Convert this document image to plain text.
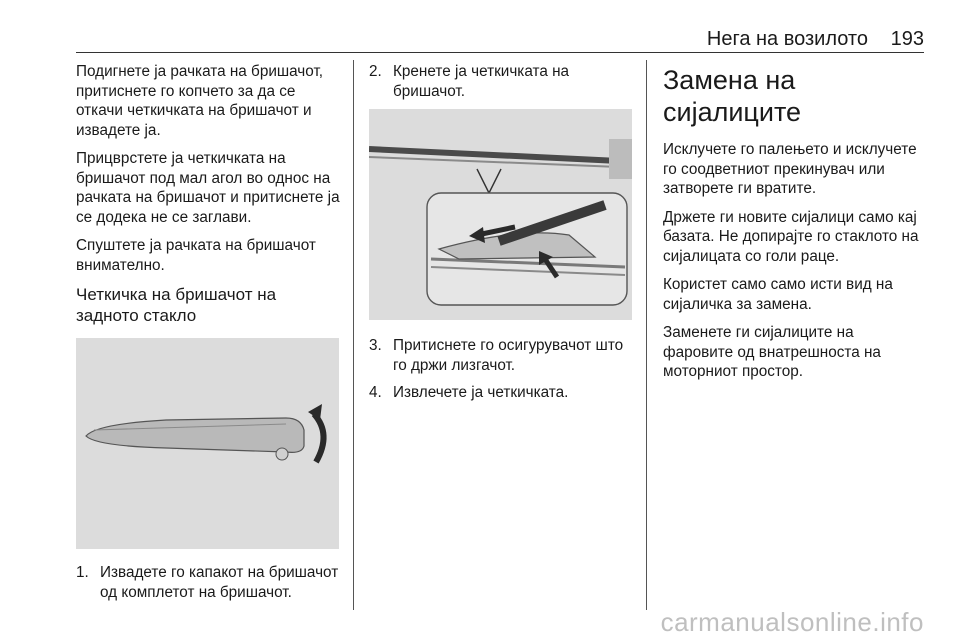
Нега на возилото 193

Подигнете ја рачката на бришачот, притиснете го копчето за да се откачи четкичката на бришачот и извадете ја.

Прицврстете ја четкичката на бришачот под мал агол во однос на рачката на бришачот и притиснете ја се додека не се заглави.

Спуштете ја рачката на бришачот внимателно.

Четкичка на бришачот на задното стакло
1. Извадете го капакот на бришачот од комплетот на бришачот.
2. Кренете ја четкичката на бришачот.
3. Притиснете го осигурувачот што го држи лизгачот.
4. Извлечете ја четкичката.
Замена на сијалиците

Исклучете го палењето и исклучете го соодветниот прекинувач или затворете ги вратите.

Држете ги новите сијалици само кај базата. Не допирајте го стаклото на сијалицата со голи раце.

Користет само само исти вид на сијаличка за замена.

Заменете ги сијалиците на фаровите од внатрешноста на моторниот простор.

carmanualsonline.info
